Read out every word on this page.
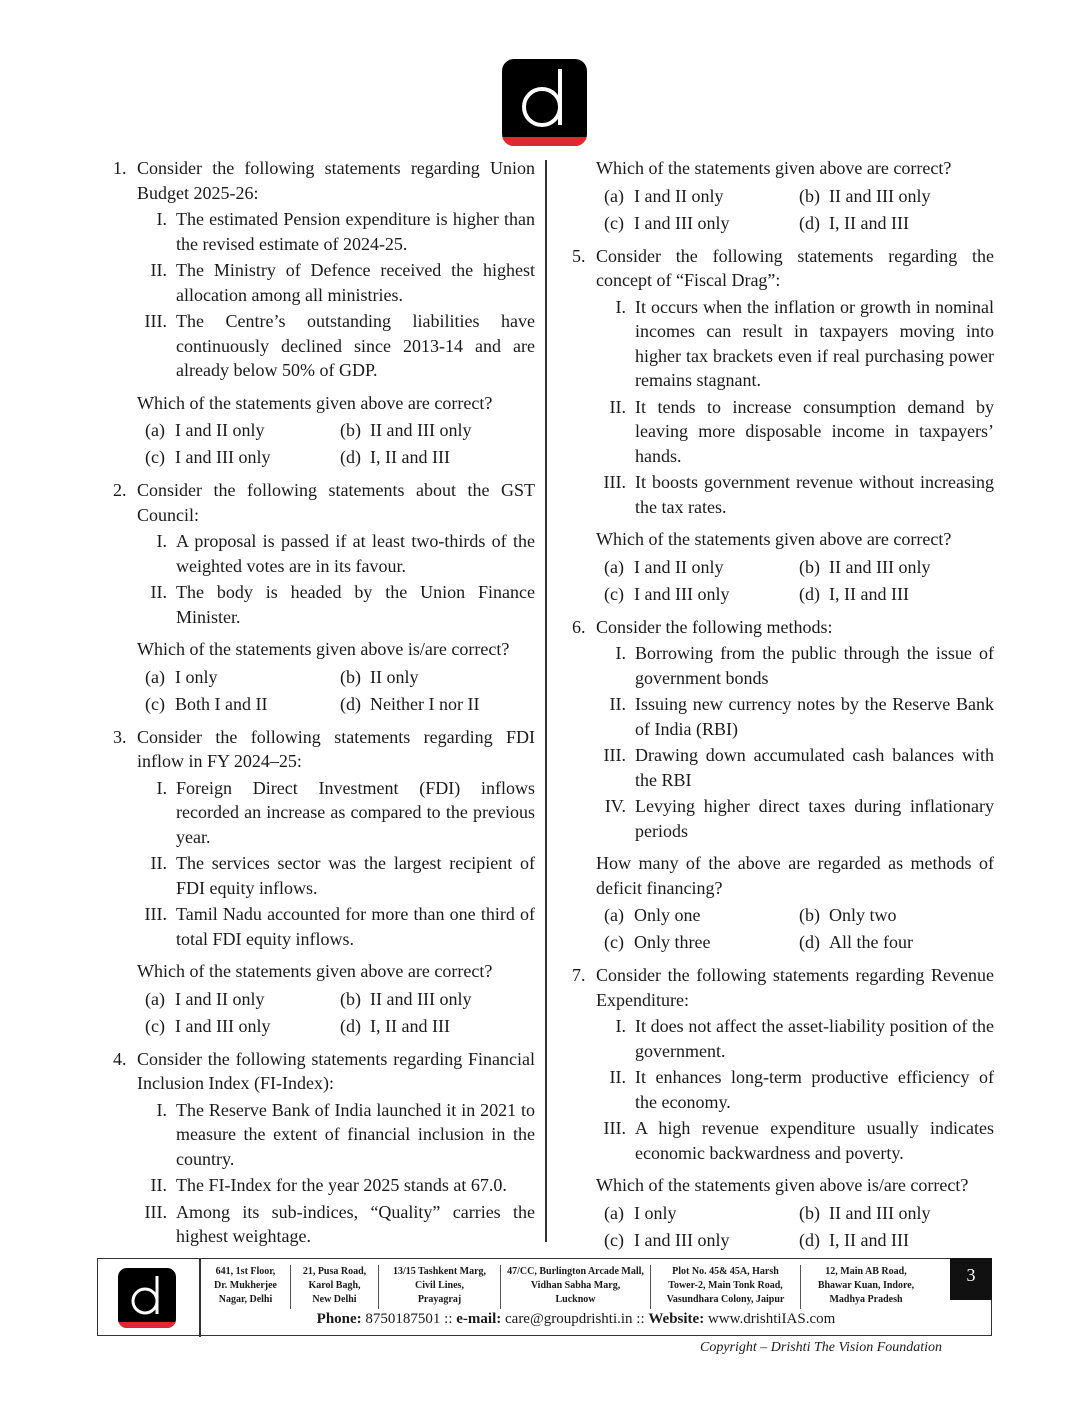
1. Consider the following statements regarding Union Budget 2025-26:
I. The estimated Pension expenditure is higher than the revised estimate of 2024-25.
II. The Ministry of Defence received the highest allocation among all ministries.
III. The Centre’s outstanding liabilities have continuously declined since 2013-14 and are already below 50% of GDP.
Which of the statements given above are correct?
(a) I and II only	(b) II and III only
(c) I and III only	(d) I, II and III
2. Consider the following statements about the GST Council:
I. A proposal is passed if at least two-thirds of the weighted votes are in its favour.
II. The body is headed by the Union Finance Minister.
Which of the statements given above is/are correct?
(a) I only	(b) II only
(c) Both I and II	(d) Neither I nor II
3. Consider the following statements regarding FDI inflow in FY 2024–25:
I. Foreign Direct Investment (FDI) inflows recorded an increase as compared to the previous year.
II. The services sector was the largest recipient of FDI equity inflows.
III. Tamil Nadu accounted for more than one third of total FDI equity inflows.
Which of the statements given above are correct?
(a) I and II only	(b) II and III only
(c) I and III only	(d) I, II and III
4. Consider the following statements regarding Financial Inclusion Index (FI-Index):
I. The Reserve Bank of India launched it in 2021 to measure the extent of financial inclusion in the country.
II. The FI-Index for the year 2025 stands at 67.0.
III. Among its sub-indices, “Quality” carries the highest weightage.
Which of the statements given above are correct?
(a) I and II only	(b) II and III only
(c) I and III only	(d) I, II and III
5. Consider the following statements regarding the concept of “Fiscal Drag”:
I. It occurs when the inflation or growth in nominal incomes can result in taxpayers moving into higher tax brackets even if real purchasing power remains stagnant.
II. It tends to increase consumption demand by leaving more disposable income in taxpayers’ hands.
III. It boosts government revenue without increasing the tax rates.
Which of the statements given above are correct?
(a) I and II only	(b) II and III only
(c) I and III only	(d) I, II and III
6. Consider the following methods:
I. Borrowing from the public through the issue of government bonds
II. Issuing new currency notes by the Reserve Bank of India (RBI)
III. Drawing down accumulated cash balances with the RBI
IV. Levying higher direct taxes during inflationary periods
How many of the above are regarded as methods of deficit financing?
(a) Only one	(b) Only two
(c) Only three	(d) All the four
7. Consider the following statements regarding Revenue Expenditure:
I. It does not affect the asset-liability position of the government.
II. It enhances long-term productive efficiency of the economy.
III. A high revenue expenditure usually indicates economic backwardness and poverty.
Which of the statements given above is/are correct?
(a) I only	(b) II and III only
(c) I and III only	(d) I, II and III
641, 1st Floor,
Dr. Mukherjee
Nagar, Delhi
21, Pusa Road,
Karol Bagh,
New Delhi
13/15 Tashkent Marg,
Civil Lines,
Prayagraj
47/CC, Burlington Arcade Mall,
Vidhan Sabha Marg,
Lucknow
Plot No. 45& 45A, Harsh
Tower-2, Main Tonk Road,
Vasundhara Colony, Jaipur
12, Main AB Road,
Bhawar Kuan, Indore,
Madhya Pradesh
3
Phone: 8750187501 :: e-mail: care@groupdrishti.in :: Website: www.drishtiIAS.com
Copyright – Drishti The Vision Foundation
